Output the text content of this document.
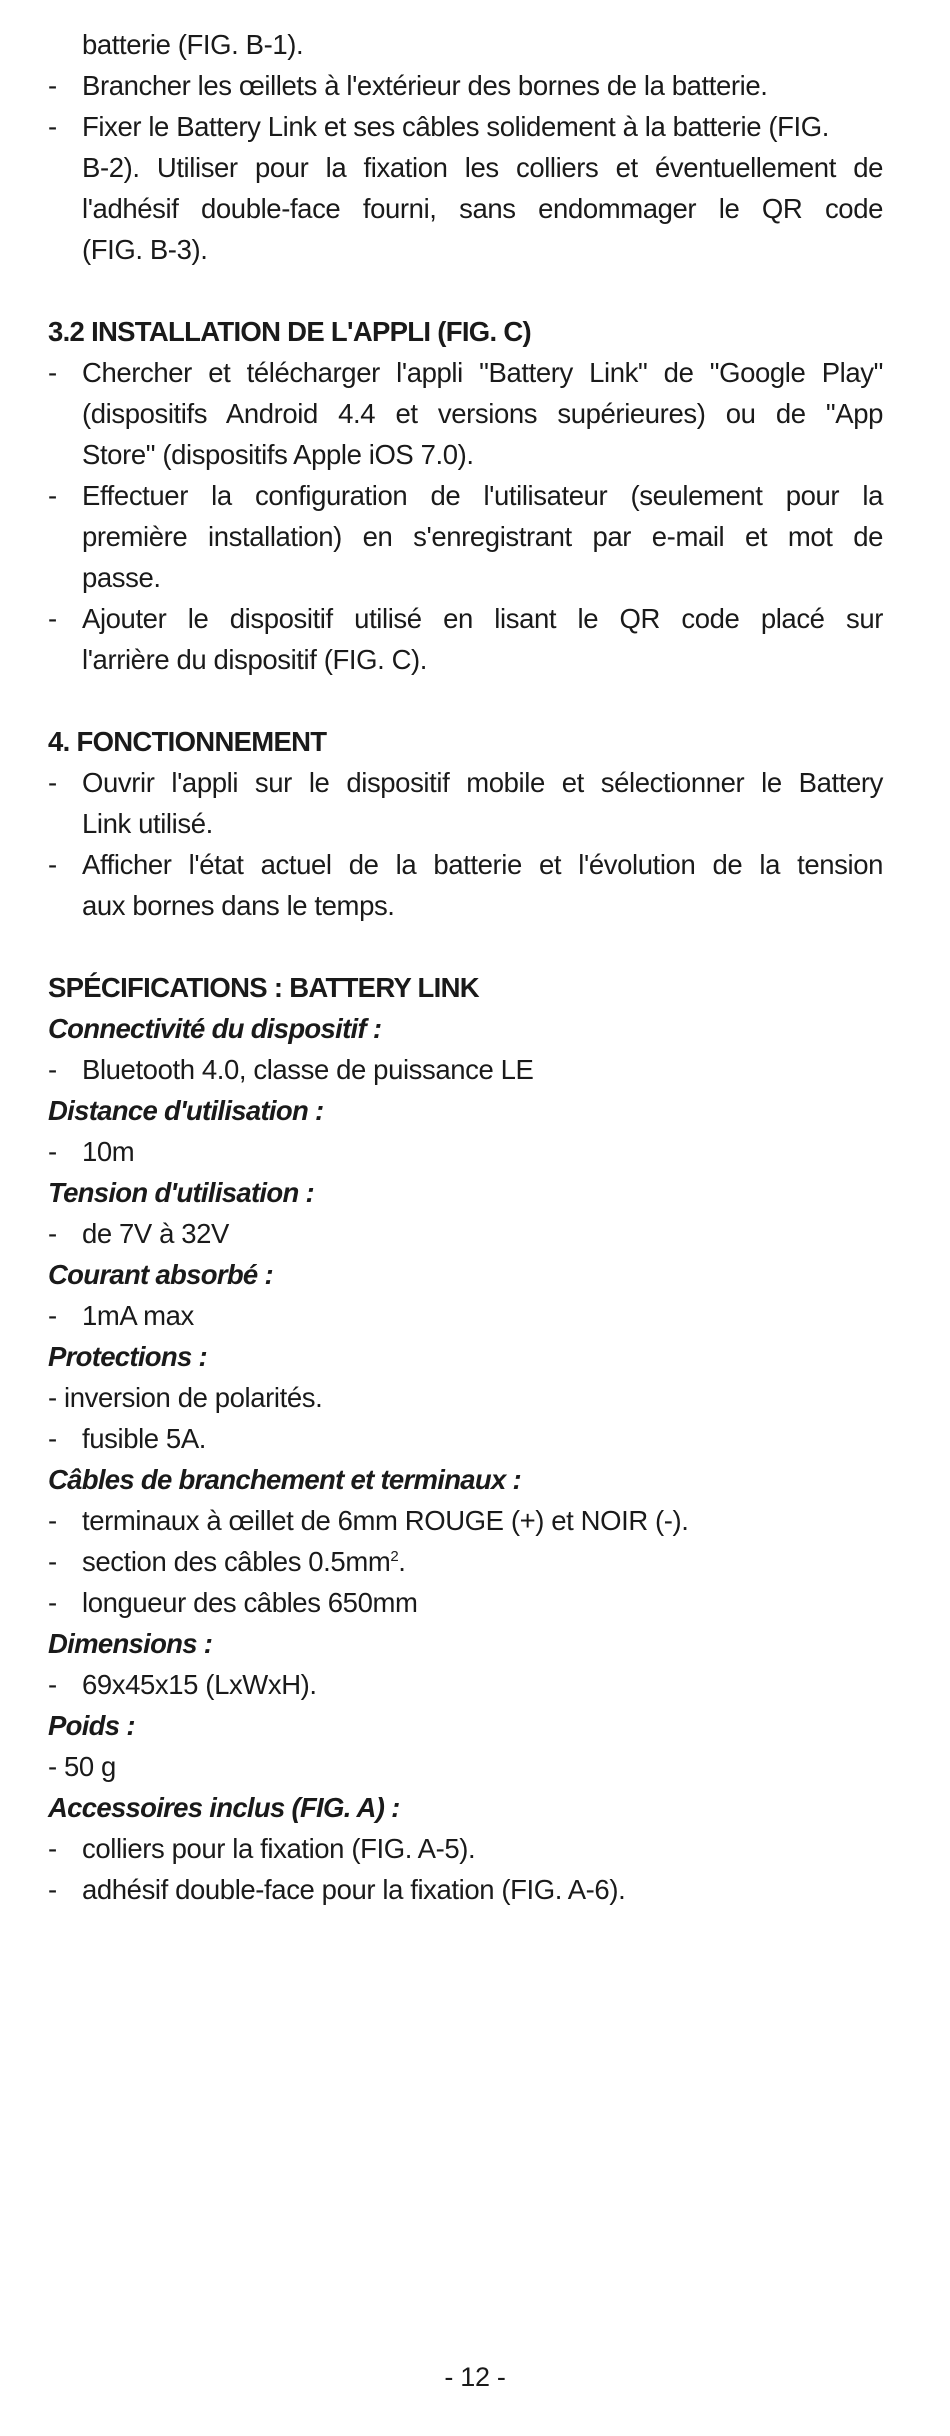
batterie (FIG. B-1).
- Brancher les œillets à l'extérieur des bornes de la batterie.
- Fixer le Battery Link et ses câbles solidement à la batterie (FIG.
B-2). Utiliser pour la fixation les colliers et éventuellement de
l'adhésif double-face fourni, sans endommager le QR code
(FIG. B-3).
3.2 INSTALLATION DE L'APPLI (FIG. C)
- Chercher et télécharger l'appli "Battery Link" de "Google Play"
(dispositifs Android 4.4 et versions supérieures) ou de "App
Store" (dispositifs Apple iOS 7.0).
- Effectuer la configuration de l'utilisateur (seulement pour la
première installation) en s'enregistrant par e-mail et mot de
passe.
- Ajouter le dispositif utilisé en lisant le QR code placé sur
l'arrière du dispositif (FIG. C).
4. FONCTIONNEMENT
- Ouvrir l'appli sur le dispositif mobile et sélectionner le Battery
Link utilisé.
- Afficher l'état actuel de la batterie et l'évolution de la tension
aux bornes dans le temps.
SPÉCIFICATIONS : BATTERY LINK
Connectivité du dispositif :
- Bluetooth 4.0, classe de puissance LE
Distance d'utilisation :
- 10m
Tension d'utilisation :
- de 7V à 32V
Courant absorbé :
- 1mA max
Protections :
- inversion de polarités.
- fusible 5A.
Câbles de branchement et terminaux :
- terminaux à œillet de 6mm ROUGE (+) et NOIR (-).
- section des câbles $0.5mm^2$.
- longueur des câbles 650mm
Dimensions :
- 69x45x15 (LxWxH).
Poids :
- 50 g
Accessoires inclus (FIG. A) :
- colliers pour la fixation (FIG. A-5).
- adhésif double-face pour la fixation (FIG. A-6).
- 12 -
